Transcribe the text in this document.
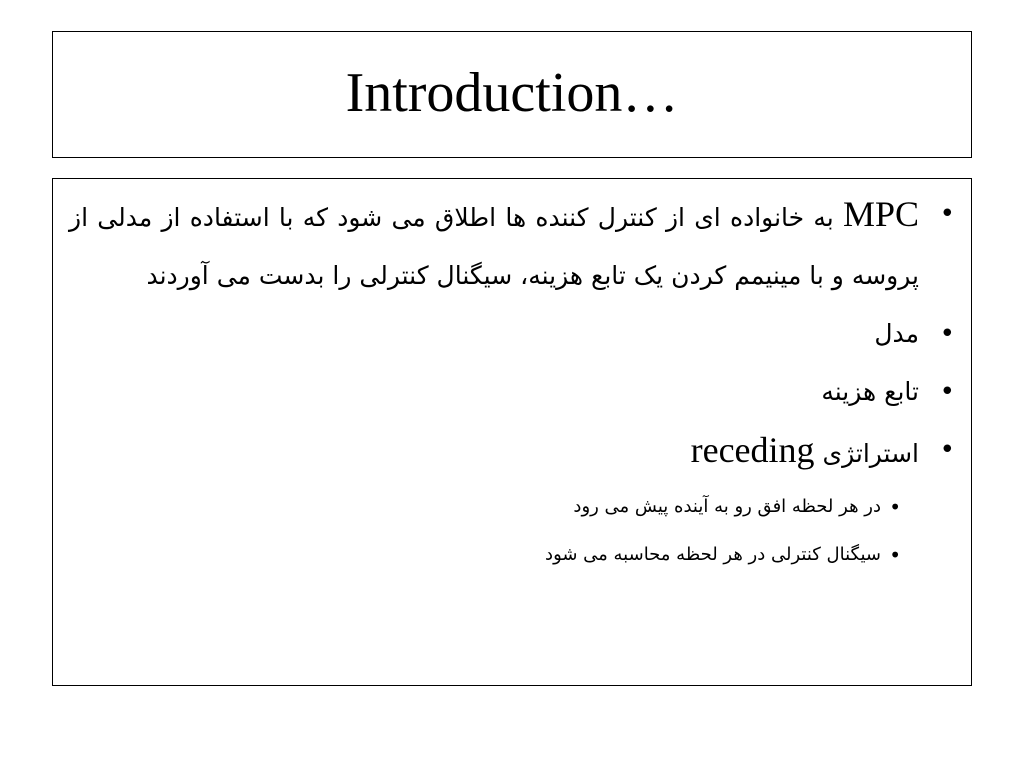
Introduction…
•
MPC به خانواده ای از کنترل کننده ها اطلاق می شود که با استفاده از مدلی از پروسه و با مینیمم کردن یک تابع هزینه، سیگنال کنترلی را بدست می آوردند
•
مدل
•
تابع هزینه
•
استراتژی receding
•
در هر لحظه افق رو به آینده پیش می رود
•
سیگنال کنترلی در هر لحظه محاسبه می شود
